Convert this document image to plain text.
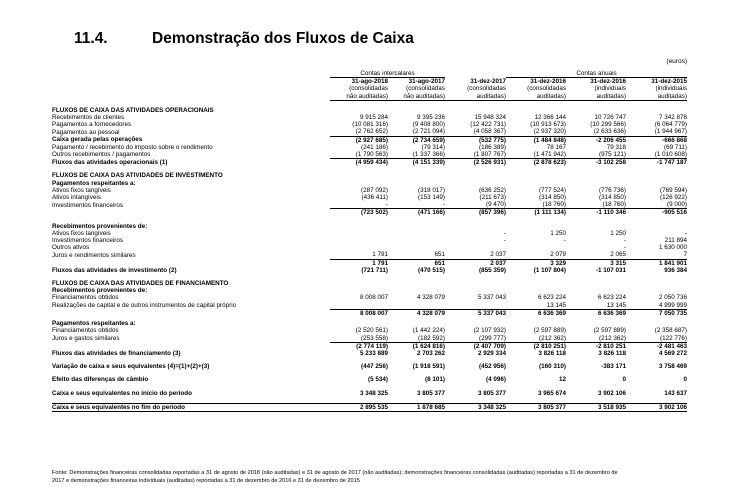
11.4.	Demonstração dos Fluxos de Caixa
(euros)
	Contas intercalares			Contas anuais		
	31-ago-2018	31-ago-2017	31-dez-2017	31-dez-2016	31-dez-2016	31-dez-2015
	(consolidadas	(consolidadas	(consolidadas	(consolidadas	(individuais	(individuais
	não auditadas)	não auditadas)	auditadas)	auditadas)	auditadas)	auditadas)

FLUXOS DE CAIXA DAS ATIVIDADES OPERACIONAIS						
Recebimentos de clientes	9 915 284	9 395 236	15 948 324	12 366 144	10 726 747	7 342 878
Pagamentos a fornecedores	(10 081 316)	(9 408 800)	(12 422 731)	(10 913 673)	(10 299 566)	(6 064 779)
Pagamentos ao pessoal	(2 762 652)	(2 721 094)	(4 058 367)	(2 937 320)	(2 633 636)	(1 944 967)
Caixa gerada pelas operações	(2 927 685)	(2 734 659)	(532 775)	(1 484 848)	-2 206 455	-666 868
Pagamento / recebimento do imposto sobre o rendimento	(241 186)	(79 314)	(186 389)	78 167	79 318	(69 711)
Outros recebimentos / pagamentos	(1 790 563)	(1 337 366)	(1 807 767)	(1 471 942)	(975 121)	(1 010 608)
Fluxos das atividades operacionais (1)	(4 959 434)	(4 151 339)	(2 526 931)	(2 878 623)	-3 102 258	-1 747 187

FLUXOS DE CAIXA DAS ATIVIDADES DE INVESTIMENTO						
Pagamentos respeitantes a:						
Ativos fixos tangíveis	(287 092)	(318 017)	(636 252)	(777 524)	(776 736)	(769 594)
Ativos intangíveis	(436 411)	(153 149)	(211 673)	(314 850)	(314 850)	(126 922)
Investimentos financeiros	-	-	(9 470)	(18 760)	(18 760)	(9 000)
	(723 502)	(471 166)	(857 396)	(1 111 134)	-1 110 346	-905 516

Recebimentos provenientes de:						
Ativos fixos tangíveis			-	1 250	1 250	-
Investimentos financeiros			-	-	-	211 894
Outros ativos					-	1 630 000
Juros e rendimentos similares	1 791	651	2 037	2 079	2 065	7
	1 791	651	2 037	3 329	3 315	1 841 901
Fluxos das atividades de investimento (2)	(721 711)	(470 515)	(855 359)	(1 107 804)	-1 107 031	936 384

FLUXOS DE CAIXA DAS ATIVIDADES DE FINANCIAMENTO						
Recebimentos provenientes de:						
Financiamentos obtidos	8 008 007	4 328 079	5 337 043	6 623 224	6 623 224	2 050 736
Realizações de capital e de outros instrumentos de capital próprio				13 145	13 145	4 999 999
	8 008 007	4 328 079	5 337 043	6 636 369	6 636 369	7 050 735

Pagamentos respeitantes a:						
Financiamentos obtidos	(2 520 561)	(1 442 224)	(2 107 932)	(2 597 889)	(2 597 889)	(2 358 687)
Juros e gastos similares	(253 558)	(182 592)	(299 777)	(212 362)	(212 362)	(122 776)
	(2 774 119)	(1 624 816)	(2 407 709)	(2 810 251)	-2 810 251	-2 481 463
Fluxos das atividades de financiamento (3)	5 233 889	2 703 262	2 929 334	3 826 118	3 826 118	4 569 272

Variação de caixa e seus equivalentes (4)=(1)+(2)+(3)	(447 256)	(1 918 591)	(452 956)	(160 310)	-383 171	3 758 469

Efeito das diferenças de câmbio	(5 534)	(8 101)	(4 096)	12	0	0

Caixa e seus equivalentes no início do período	3 348 325	3 805 377	3 805 377	3 965 674	3 902 106	143 637

Caixa e seus equivalentes no fim do período	2 895 535	1 878 685	3 348 325	3 805 377	3 518 935	3 902 106
Fonte: Demonstrações financeiras consolidadas reportadas a 31 de agosto de 2018 (não auditadas) e 31 de agosto de 2017 (não auditadas); demonstrações financeiras consolidadas (auditadas) reportadas a 31 de dezembro de
2017 e demonstrações financeiras individuais (auditadas) reportadas a 31 de dezembro de 2016 e 31 de dezembro de 2015
